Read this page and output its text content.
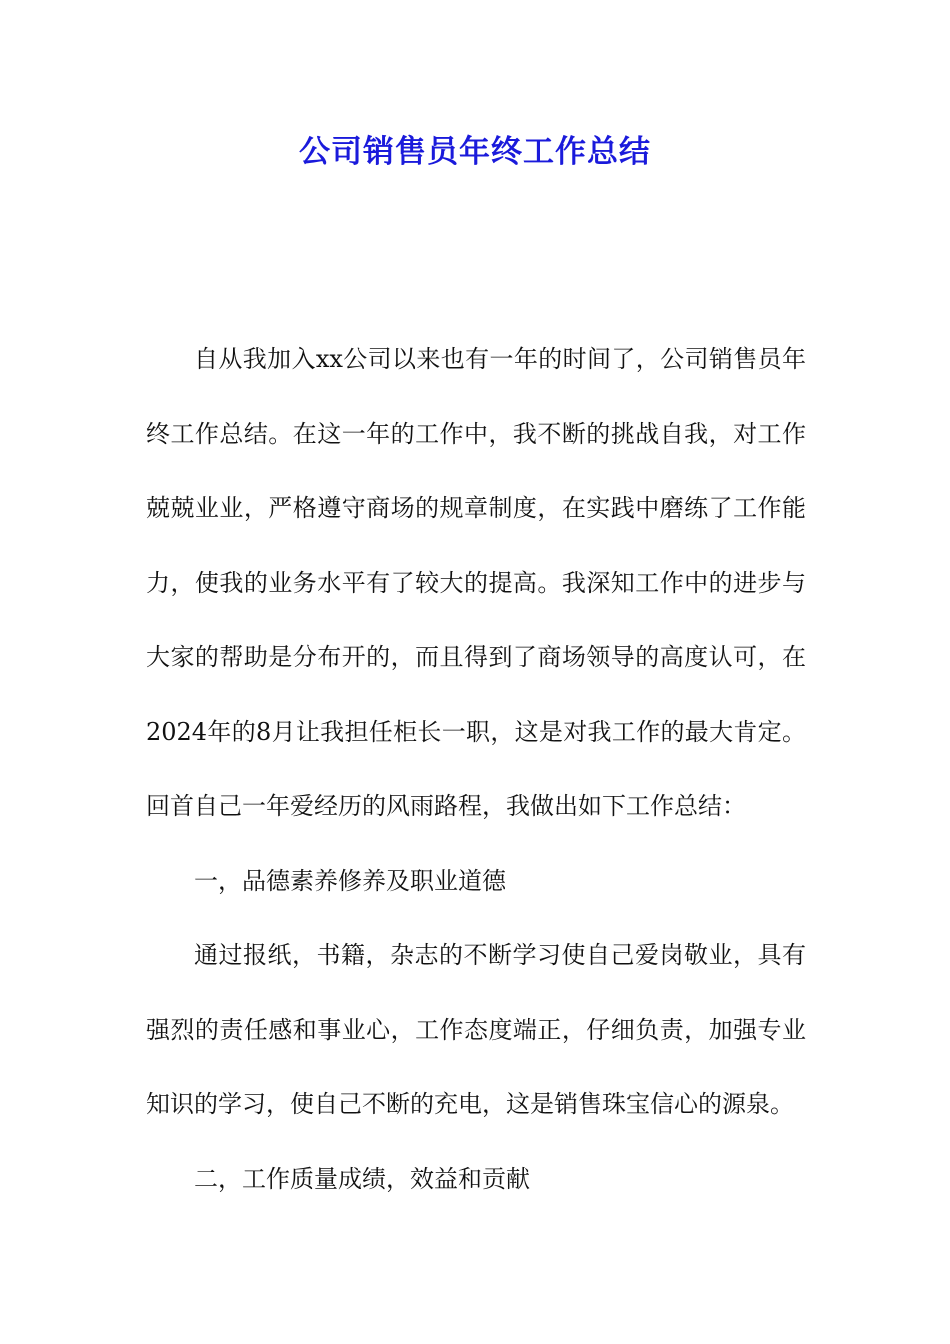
公司销售员年终工作总结

自从我加入xx公司以来也有一年的时间了，公司销售员年终工作总结。在这一年的工作中，我不断的挑战自我，对工作兢兢业业，严格遵守商场的规章制度，在实践中磨练了工作能力，使我的业务水平有了较大的提高。我深知工作中的进步与大家的帮助是分布开的，而且得到了商场领导的高度认可，在2024年的8月让我担任柜长一职，这是对我工作的最大肯定。回首自己一年爱经历的风雨路程，我做出如下工作总结：

一，品德素养修养及职业道德

通过报纸，书籍，杂志的不断学习使自己爱岗敬业，具有强烈的责任感和事业心，工作态度端正，仔细负责，加强专业知识的学习，使自己不断的充电，这是销售珠宝信心的源泉。

二，工作质量成绩，效益和贡献
